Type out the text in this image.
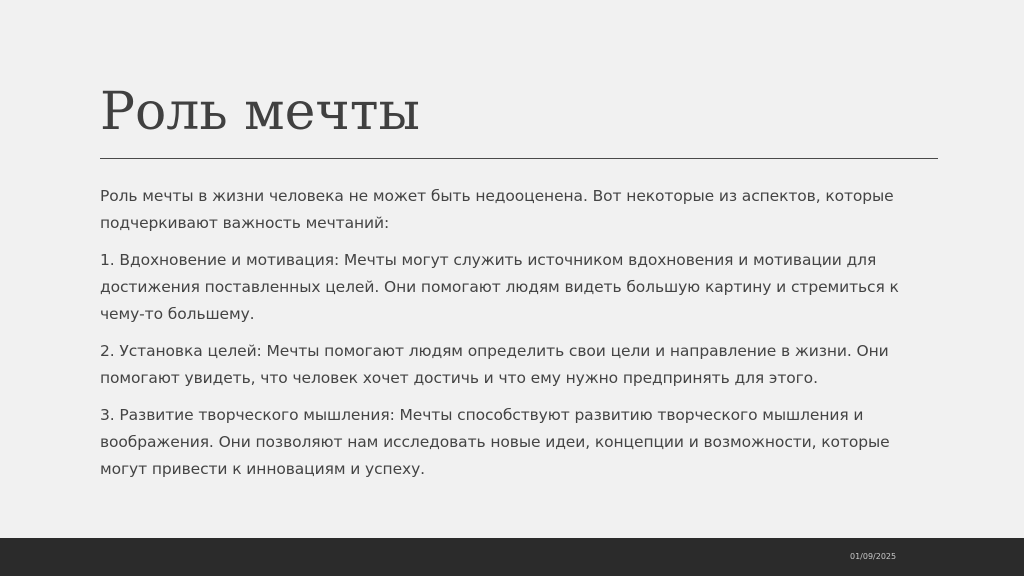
Роль мечты

Роль мечты в жизни человека не может быть недооценена. Вот некоторые из аспектов, которые подчеркивают важность мечтаний:

1. Вдохновение и мотивация: Мечты могут служить источником вдохновения и мотивации для достижения поставленных целей. Они помогают людям видеть большую картину и стремиться к чему-то большему.

2. Установка целей: Мечты помогают людям определить свои цели и направление в жизни. Они помогают увидеть, что человек хочет достичь и что ему нужно предпринять для этого.

3. Развитие творческого мышления: Мечты способствуют развитию творческого мышления и воображения. Они позволяют нам исследовать новые идеи, концепции и возможности, которые могут привести к инновациям и успеху.

01/09/2025
